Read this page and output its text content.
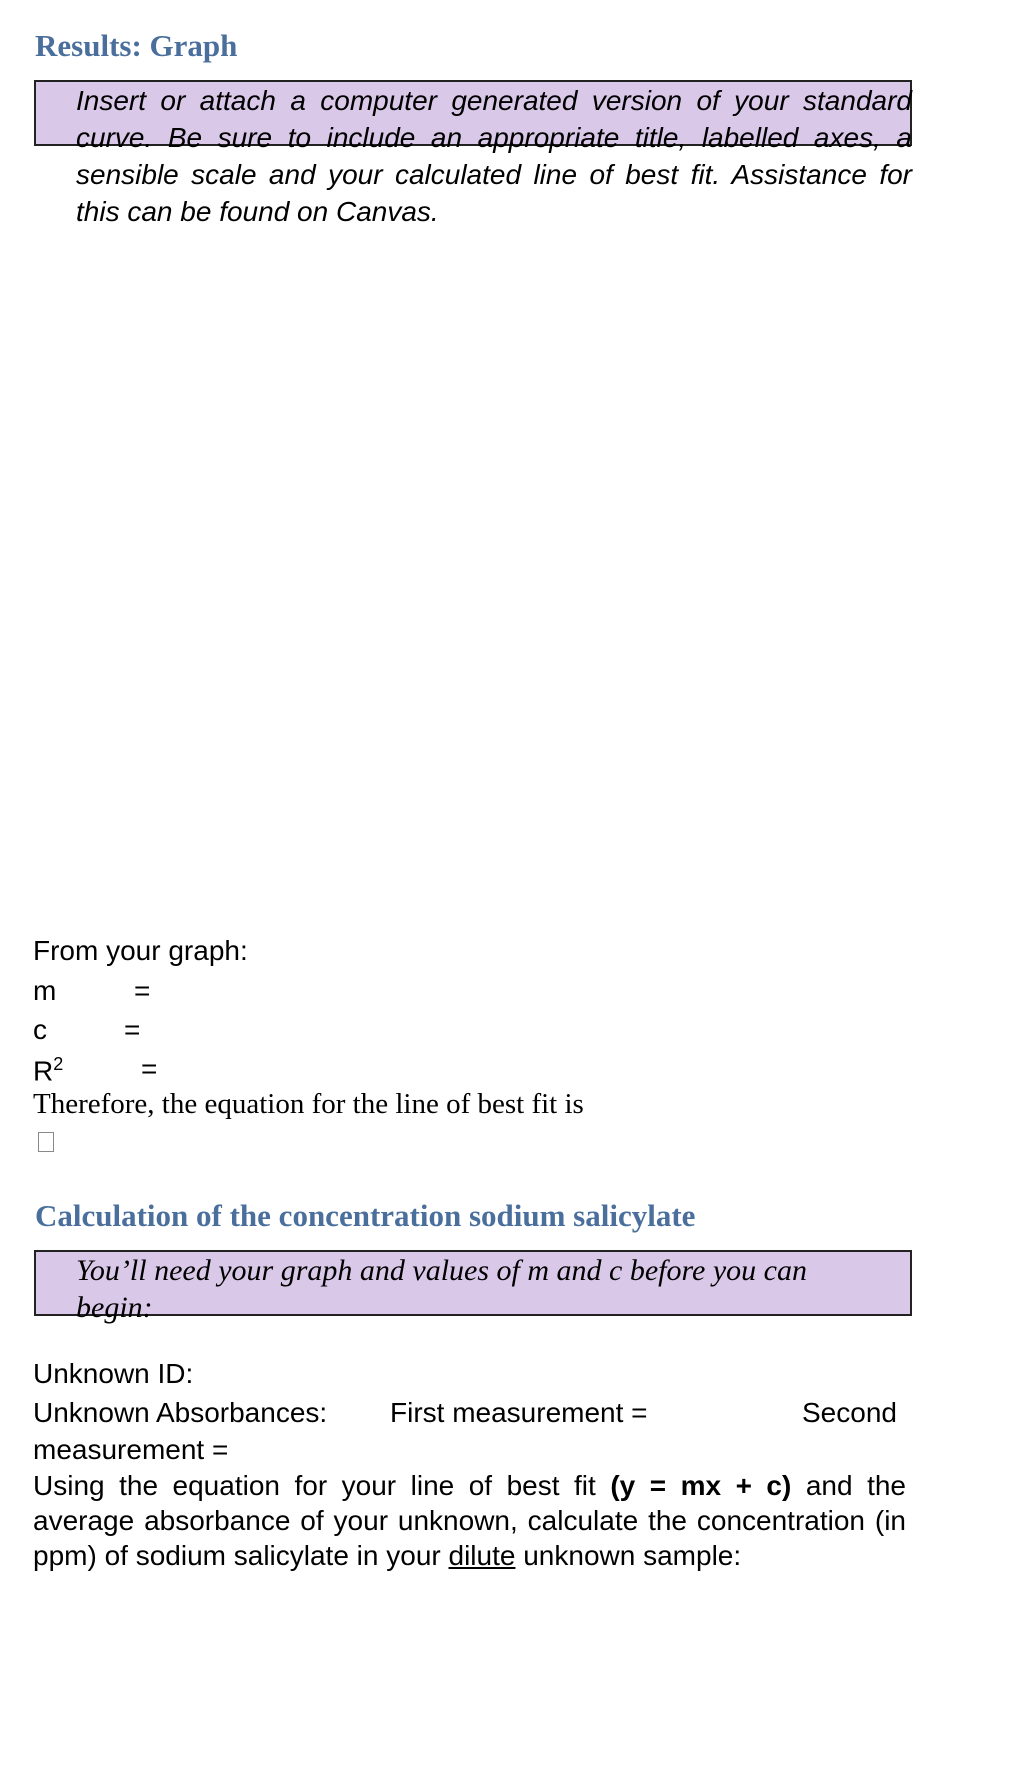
Results: Graph
Insert or attach a computer generated version of your standard curve. Be sure to include an appropriate title, labelled axes, a sensible scale and your calculated line of best fit. Assistance for this can be found on Canvas.
From your graph:
m	=
c	=
$R^2$	=
Therefore, the equation for the line of best fit is
Calculation of the concentration sodium salicylate
You’ll need your graph and values of m and c before you can begin:
Unknown ID:
Unknown Absorbances: First measurement =	Second
measurement =
Using the equation for your line of best fit (y = mx + c) and the average absorbance of your unknown, calculate the concentration (in ppm) of sodium salicylate in your dilute unknown sample:
